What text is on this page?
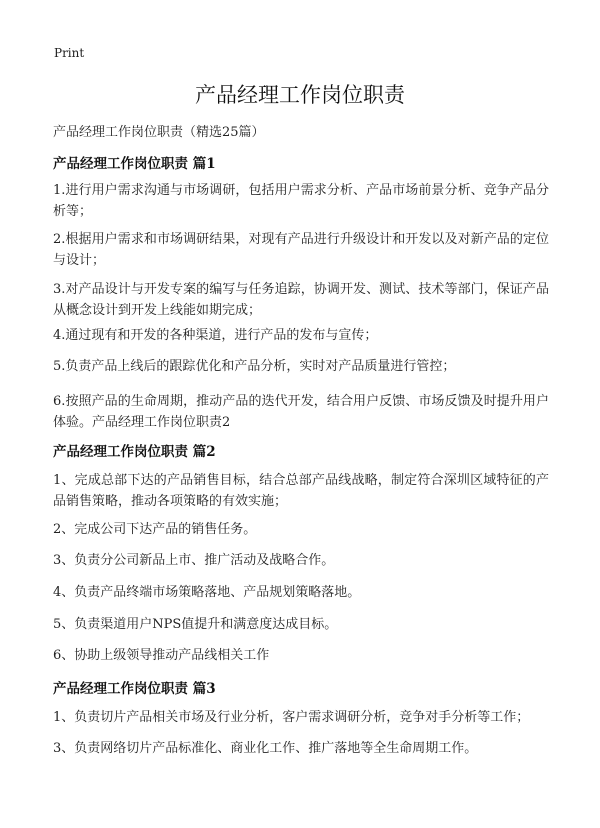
Print
产品经理工作岗位职责
产品经理工作岗位职责（精选25篇）
产品经理工作岗位职责 篇1
1.进行用户需求沟通与市场调研，包括用户需求分析、产品市场前景分析、竞争产品分析等；
2.根据用户需求和市场调研结果，对现有产品进行升级设计和开发以及对新产品的定位与设计；
3.对产品设计与开发专案的编写与任务追踪，协调开发、测试、技术等部门，保证产品从概念设计到开发上线能如期完成；
4.通过现有和开发的各种渠道，进行产品的发布与宣传；
5.负责产品上线后的跟踪优化和产品分析，实时对产品质量进行管控；
6.按照产品的生命周期，推动产品的迭代开发，结合用户反馈、市场反馈及时提升用户体验。产品经理工作岗位职责2
产品经理工作岗位职责 篇2
1、完成总部下达的产品销售目标，结合总部产品线战略，制定符合深圳区域特征的产品销售策略，推动各项策略的有效实施；
2、完成公司下达产品的销售任务。
3、负责分公司新品上市、推广活动及战略合作。
4、负责产品终端市场策略落地、产品规划策略落地。
5、负责渠道用户NPS值提升和满意度达成目标。
6、协助上级领导推动产品线相关工作
产品经理工作岗位职责 篇3
1、负责切片产品相关市场及行业分析，客户需求调研分析，竞争对手分析等工作；
3、负责网络切片产品标准化、商业化工作、推广落地等全生命周期工作。
